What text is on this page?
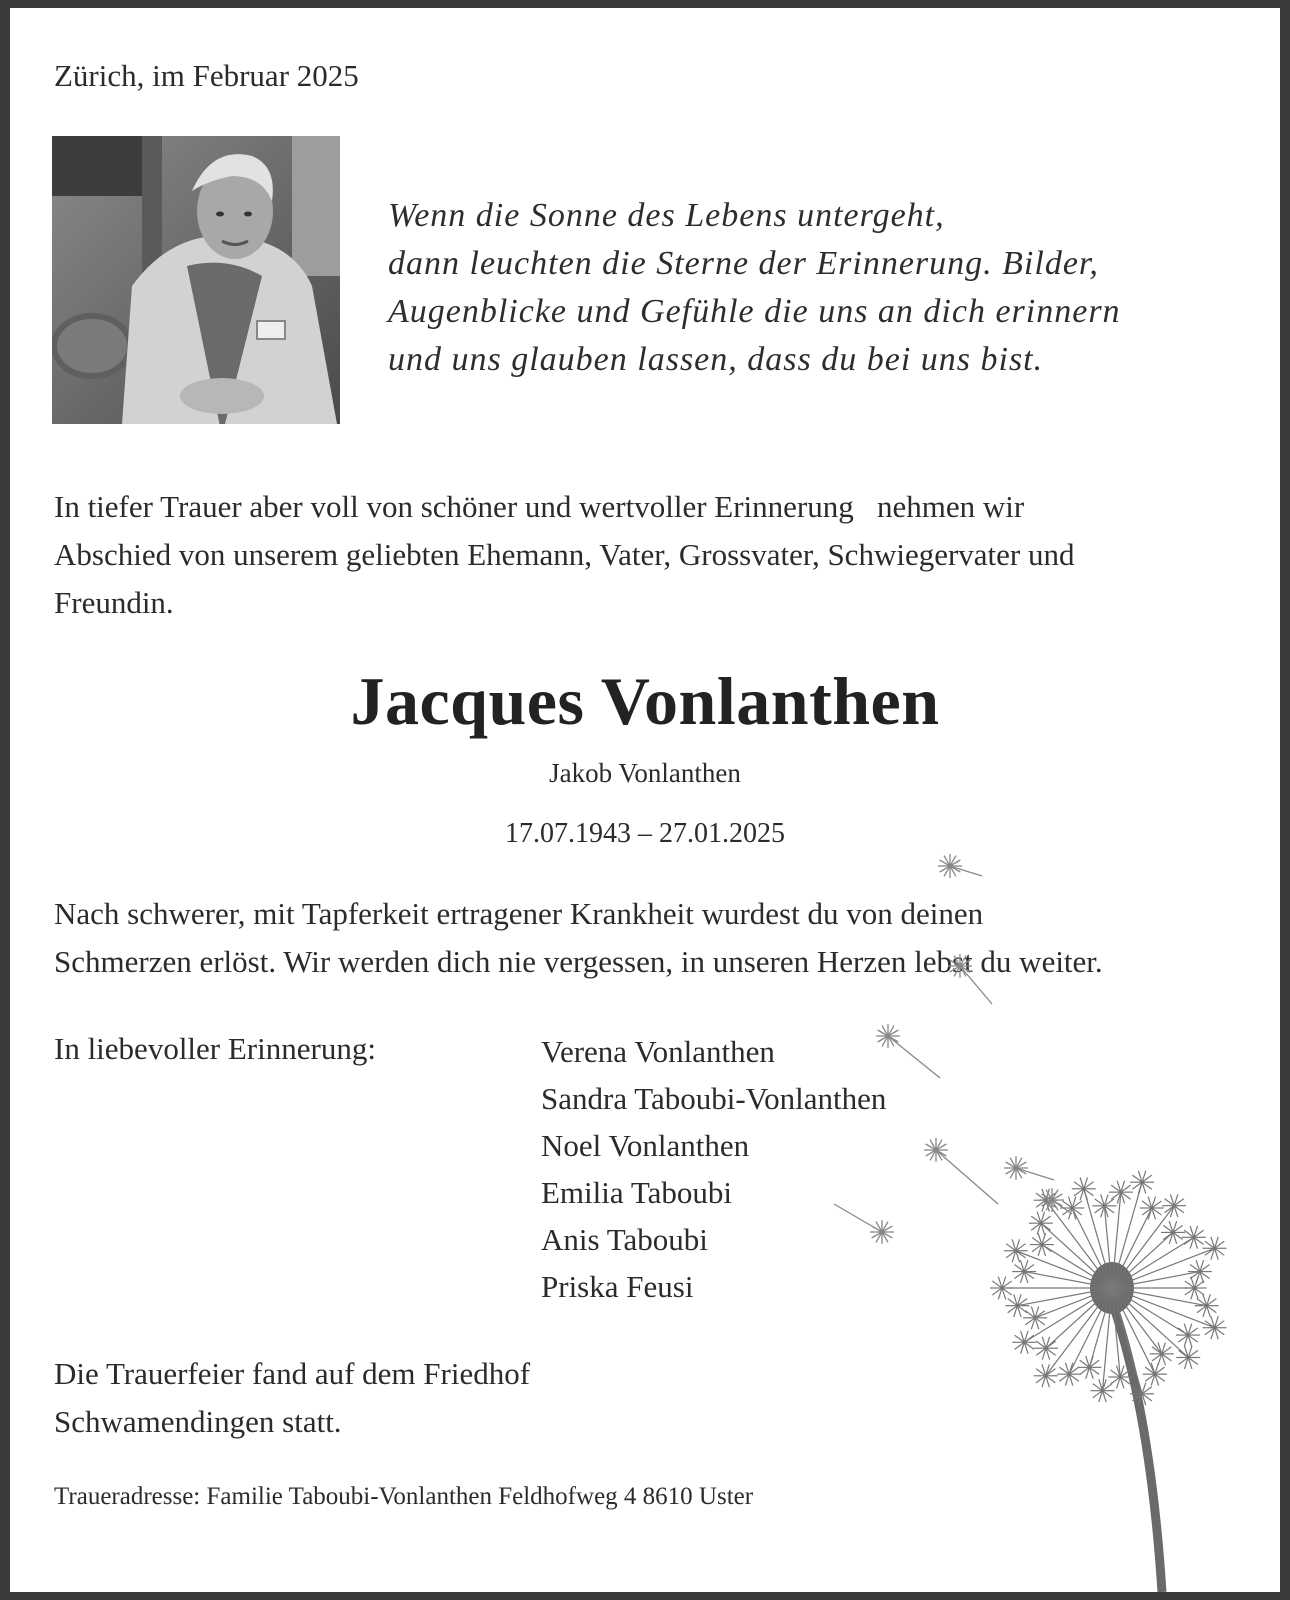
Zürich, im Februar 2025
Wenn die Sonne des Lebens untergeht,
dann leuchten die Sterne der Erinnerung. Bilder,
Augenblicke und Gefühle die uns an dich erinnern
und uns glauben lassen, dass du bei uns bist.
In tiefer Trauer aber voll von schöner und wertvoller Erinnerung   nehmen wir
Abschied von unserem geliebten Ehemann, Vater, Grossvater, Schwiegervater und
Freundin.
Jacques Vonlanthen
Jakob Vonlanthen
17.07.1943 – 27.01.2025
Nach schwerer, mit Tapferkeit ertragener Krankheit wurdest du von deinen
Schmerzen erlöst. Wir werden dich nie vergessen, in unseren Herzen lebst du weiter.
In liebevoller Erinnerung:	Verena Vonlanthen
Sandra Taboubi-Vonlanthen
Noel Vonlanthen
Emilia Taboubi
Anis Taboubi
Priska Feusi
Die Trauerfeier fand auf dem Friedhof
Schwamendingen statt.
Traueradresse: Familie Taboubi-Vonlanthen Feldhofweg 4 8610 Uster
